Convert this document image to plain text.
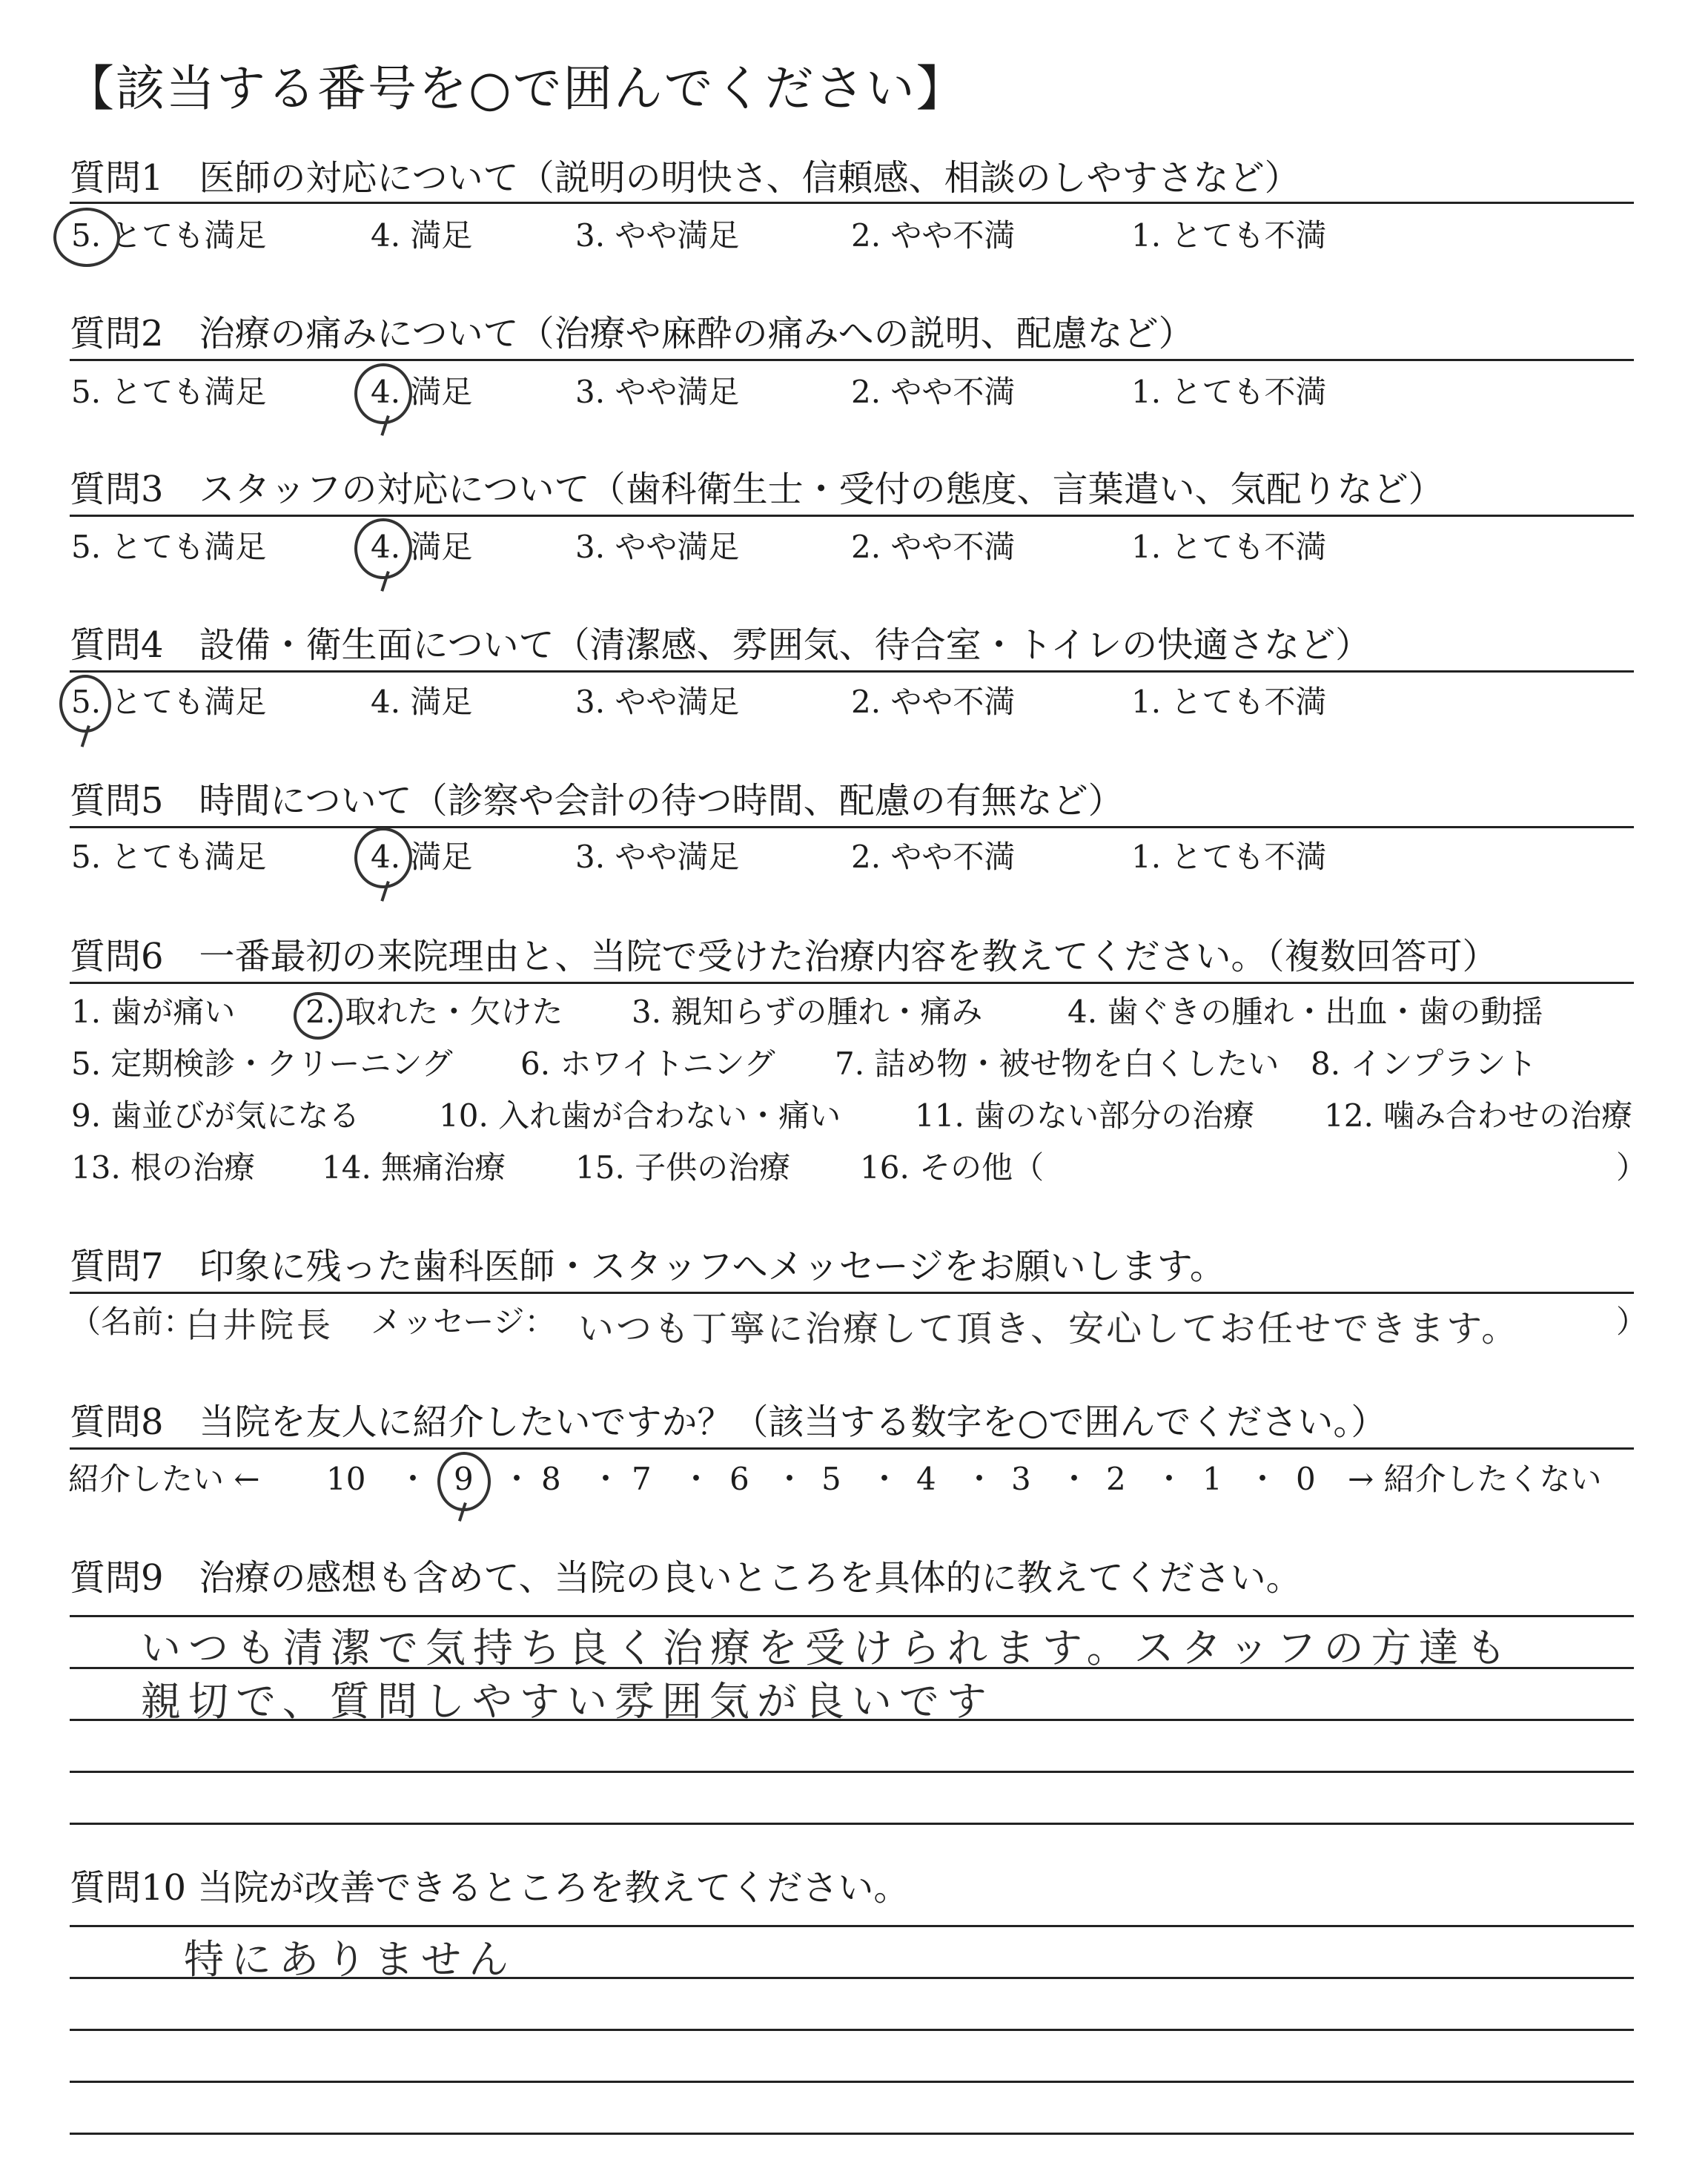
【該当する番号を○で囲んでください】
質問1　医師の対応について（説明の明快さ、信頼感、相談のしやすさなど）
5. とても満足	4. 満足	3. やや満足	2. やや不満	1. とても不満
質問2　治療の痛みについて（治療や麻酔の痛みへの説明、配慮など）
5. とても満足	4. 満足	3. やや満足	2. やや不満	1. とても不満
質問3　スタッフの対応について（歯科衛生士・受付の態度、言葉遣い、気配りなど）
5. とても満足	4. 満足	3. やや満足	2. やや不満	1. とても不満
質問4　設備・衛生面について（清潔感、雰囲気、待合室・トイレの快適さなど）
5. とても満足	4. 満足	3. やや満足	2. やや不満	1. とても不満
質問5　時間について（診察や会計の待つ時間、配慮の有無など）
5. とても満足	4. 満足	3. やや満足	2. やや不満	1. とても不満
質問6　一番最初の来院理由と、当院で受けた治療内容を教えてください。（複数回答可）
1. 歯が痛い 2. 取れた・欠けた 3. 親知らずの腫れ・痛み	4. 歯ぐきの腫れ・出血・歯の動揺
5. 定期検診・クリーニング 6. ホワイトニング 7. 詰め物・被せ物を白くしたい 8. インプラント
9. 歯並びが気になる	10. 入れ歯が合わない・痛い 11. 歯のない部分の治療 12. 噛み合わせの治療
13. 根の治療 14. 無痛治療 15. 子供の治療 16. その他（	）
質問7　印象に残った歯科医師・スタッフへメッセージをお願いします。
（名前：
白井院長 メッセージ： いつも丁寧に治療して頂き、安心してお任せできます。	）
質問8　当院を友人に紹介したいですか？（該当する数字を○で囲んでください。）
紹介したい ← 10	9 8 7	6 5 4 3 2 1 0
・ ・ ・ ・ ・ ・ ・ ・ ・ ・ → 紹介したくない
質問9　治療の感想も含めて、当院の良いところを具体的に教えてください。
いつも清潔で気持ち良く治療を受けられます。スタッフの方達も
親切で、質問しやすい雰囲気が良いです
質問10 当院が改善できるところを教えてください。
特にありません
